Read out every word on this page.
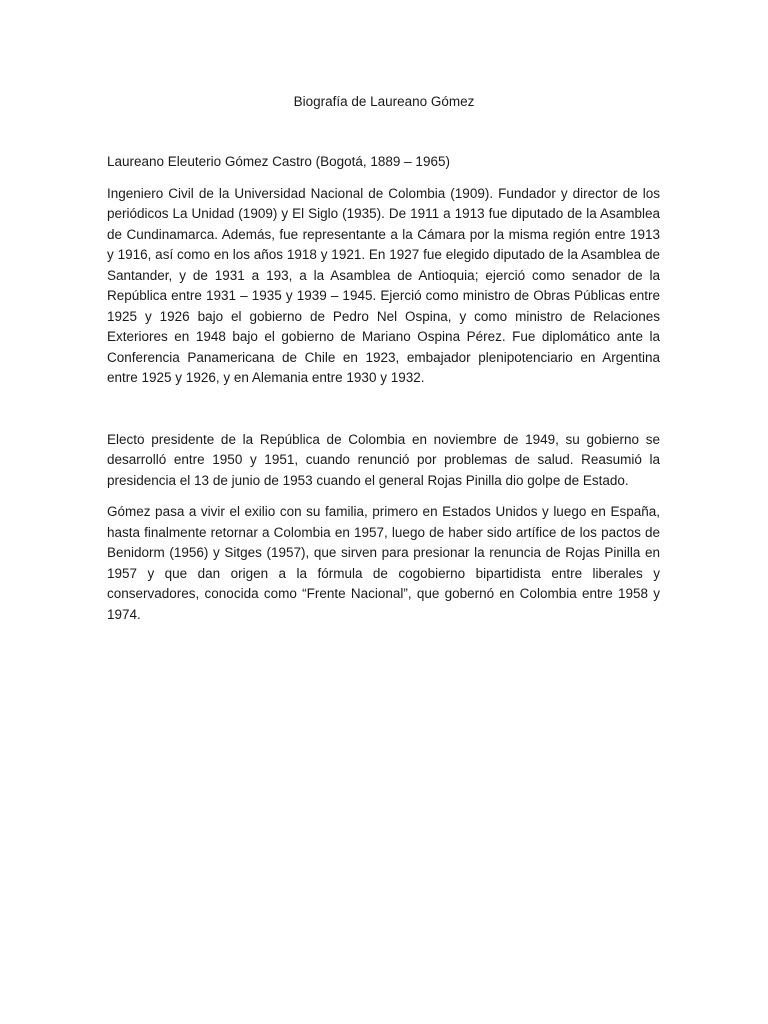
Biografía de Laureano Gómez

Laureano Eleuterio Gómez Castro (Bogotá, 1889 – 1965)

Ingeniero Civil de la Universidad Nacional de Colombia (1909). Fundador y director de los periódicos La Unidad (1909) y El Siglo (1935). De 1911 a 1913 fue diputado de la Asamblea de Cundinamarca. Además, fue representante a la Cámara por la misma región entre 1913 y 1916, así como en los años 1918 y 1921. En 1927 fue elegido diputado de la Asamblea de Santander, y de 1931 a 193, a la Asamblea de Antioquia; ejerció como senador de la República entre 1931 – 1935 y 1939 – 1945. Ejerció como ministro de Obras Públicas entre 1925 y 1926 bajo el gobierno de Pedro Nel Ospina, y como ministro de Relaciones Exteriores en 1948 bajo el gobierno de Mariano Ospina Pérez. Fue diplomático ante la Conferencia Panamericana de Chile en 1923, embajador plenipotenciario en Argentina entre 1925 y 1926, y en Alemania entre 1930 y 1932.

Electo presidente de la República de Colombia en noviembre de 1949, su gobierno se desarrolló entre 1950 y 1951, cuando renunció por problemas de salud. Reasumió la presidencia el 13 de junio de 1953 cuando el general Rojas Pinilla dio golpe de Estado.

Gómez pasa a vivir el exilio con su familia, primero en Estados Unidos y luego en España, hasta finalmente retornar a Colombia en 1957, luego de haber sido artífice de los pactos de Benidorm (1956) y Sitges (1957), que sirven para presionar la renuncia de Rojas Pinilla en 1957 y que dan origen a la fórmula de cogobierno bipartidista entre liberales y conservadores, conocida como “Frente Nacional”, que gobernó en Colombia entre 1958 y 1974.
